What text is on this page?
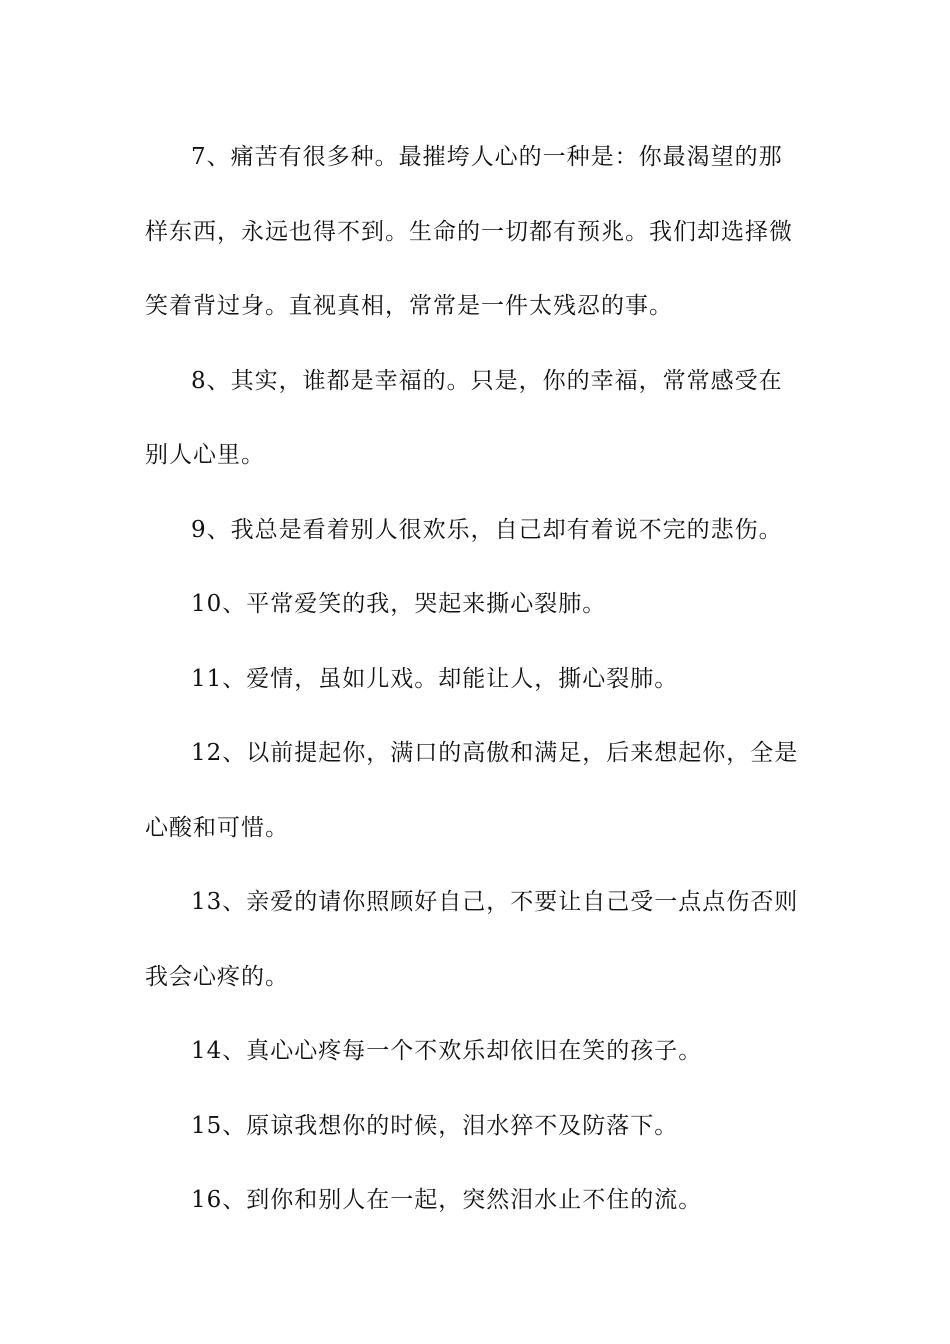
7、痛苦有很多种。最摧垮人心的一种是：你最渴望的那样东西，永远也得不到。生命的一切都有预兆。我们却选择微笑着背过身。直视真相，常常是一件太残忍的事。

8、其实，谁都是幸福的。只是，你的幸福，常常感受在别人心里。

9、我总是看着别人很欢乐，自己却有着说不完的悲伤。

10、平常爱笑的我，哭起来撕心裂肺。

11、爱情，虽如儿戏。却能让人，撕心裂肺。

12、以前提起你，满口的高傲和满足，后来想起你，全是心酸和可惜。

13、亲爱的请你照顾好自己，不要让自己受一点点伤否则我会心疼的。

14、真心心疼每一个不欢乐却依旧在笑的孩子。

15、原谅我想你的时候，泪水猝不及防落下。

16、到你和别人在一起，突然泪水止不住的流。
